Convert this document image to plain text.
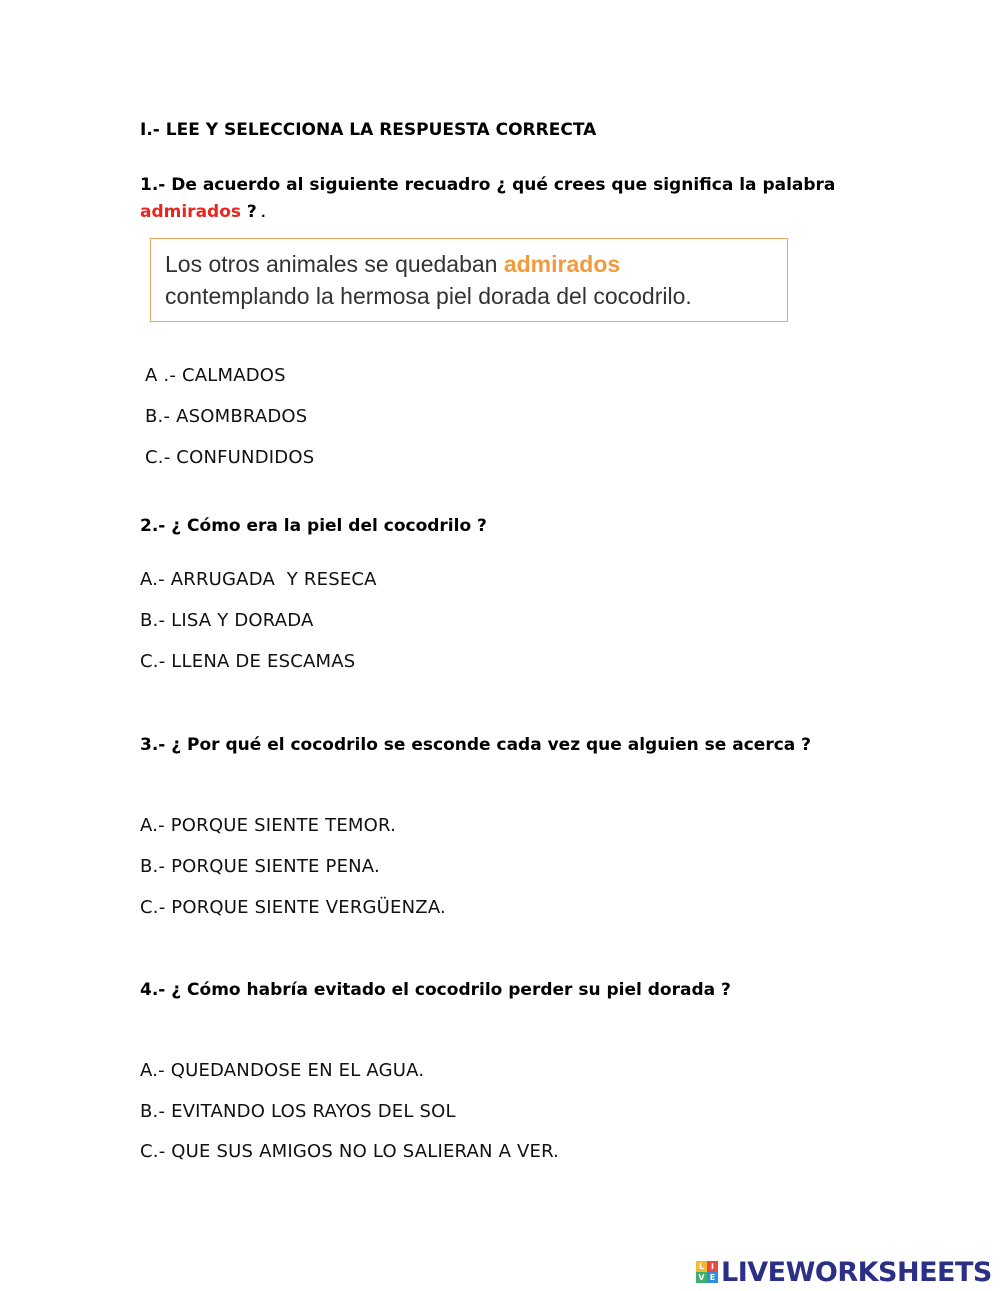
I.- LEE Y SELECCIONA LA RESPUESTA CORRECTA
1.- De acuerdo al siguiente recuadro ¿ qué crees que significa la palabra
admirados ? .
Los otros animales se quedaban admirados
contemplando la hermosa piel dorada del cocodrilo.
A .- CALMADOS
B.- ASOMBRADOS
C.- CONFUNDIDOS
2.- ¿ Cómo era la piel del cocodrilo ?
A.- ARRUGADA  Y RESECA
B.- LISA Y DORADA
C.- LLENA DE ESCAMAS
3.- ¿ Por qué el cocodrilo se esconde cada vez que alguien se acerca ?
A.- PORQUE SIENTE TEMOR.
B.- PORQUE SIENTE PENA.
C.- PORQUE SIENTE VERGÜENZA.
4.- ¿ Cómo habría evitado el cocodrilo perder su piel dorada ?
A.- QUEDANDOSE EN EL AGUA.
B.- EVITANDO LOS RAYOS DEL SOL
C.- QUE SUS AMIGOS NO LO SALIERAN A VER.
L I
V E LIVEWORKSHEETS
